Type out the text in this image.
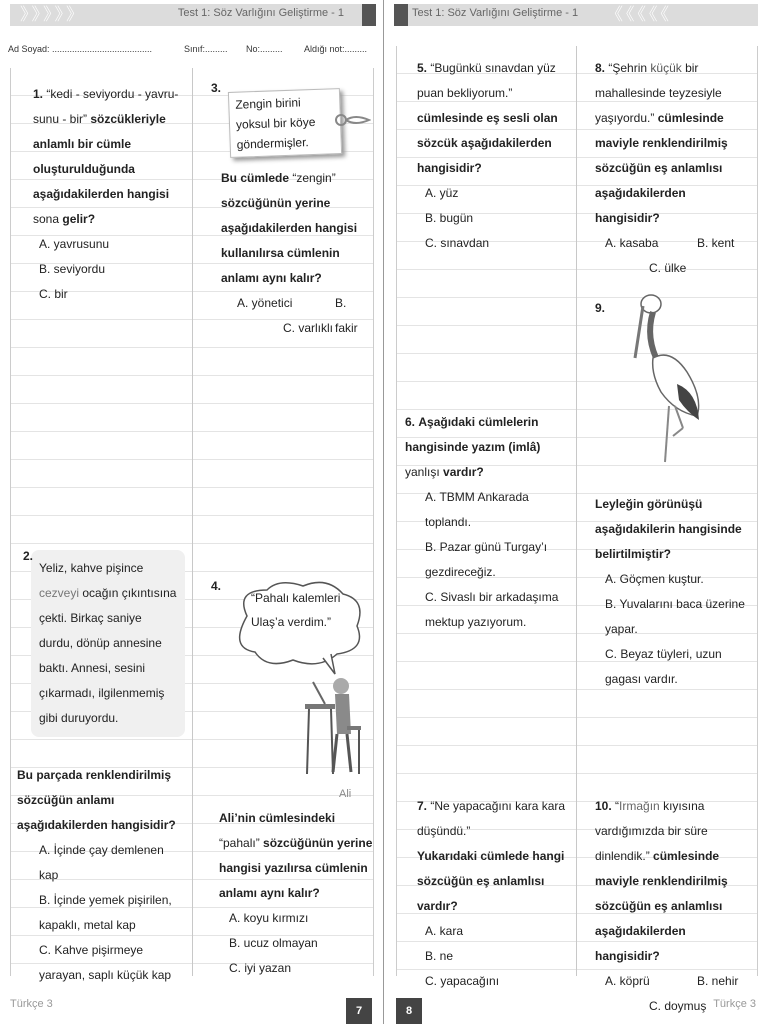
》》》》》	Test 1: Söz Varlığını Geliştirme - 1
Ad Soyad: ........................................	Sınıf:......... No:......... Aldığı not:.........
1. “kedi - seviyordu - yavru-sunu - bir” sözcükleriyle anlamlı bir cümle oluşturulduğunda aşağıdakilerden hangisi sona gelir?
A. yavrusunu
B. seviyordu
C. bir
2.
Yeliz, kahve pişince cezveyi ocağın çıkıntısına çekti. Birkaç saniye durdu, dönüp annesine baktı. Annesi, sesini çıkarmadı, ilgilenmemiş gibi duruyordu.
Bu parçada renklendirilmiş sözcüğün anlamı aşağıdakilerden hangisidir?
A. İçinde çay demlenen kap
B. İçinde yemek pişirilen, kapaklı, metal kap
C. Kahve pişirmeye yarayan, saplı küçük kap
3.
Zengin birini yoksul bir köye göndermişler.
Bu cümlede “zengin” sözcüğünün yerine aşağıdakilerden hangisi kullanılırsa cümlenin anlamı aynı kalır?
A. yönetici	B. fakir
C. varlıklı
4.
“Pahalı kalemleri Ulaş’a verdim.”
Ali
Ali’nin cümlesindeki “pahalı” sözcüğünün yerine hangisi yazılırsa cümlenin anlamı aynı kalır?
A. koyu kırmızı
B. ucuz olmayan
C. iyi yazan
Türkçe 3
7
Test 1: Söz Varlığını Geliştirme - 1 《《《《《
5. “Bugünkü sınavdan yüz puan bekliyorum.” cümlesinde eş sesli olan sözcük aşağıdakilerden hangisidir?
A. yüz
B. bugün
C. sınavdan
6. Aşağıdaki cümlelerin hangisinde yazım (imlâ) yanlışı vardır?
A. TBMM Ankarada toplandı.
B. Pazar günü Turgay’ı gezdireceğiz.
C. Sivaslı bir arkadaşıma mektup yazıyorum.
7. “Ne yapacağını kara kara düşündü.”
Yukarıdaki cümlede hangi sözcüğün eş anlamlısı vardır?
A. kara
B. ne
C. yapacağını
8. “Şehrin küçük bir mahallesinde teyzesiyle yaşıyordu.” cümlesinde maviyle renklendirilmiş sözcüğün eş anlamlısı aşağıdakilerden hangisidir?
A. kasaba	B. kent
C. ülke
9.
Leyleğin görünüşü aşağıdakilerin hangisinde belirtilmiştir?
A. Göçmen kuştur.
B. Yuvalarını baca üzerine yapar.
C. Beyaz tüyleri, uzun gagası vardır.
10. “Irmağın kıyısına vardığımızda bir süre dinlendik.” cümlesinde maviyle renklendirilmiş sözcüğün eş anlamlısı aşağıdakilerden hangisidir?
A. köprü	B. nehir
C. doymuş
8
Türkçe 3
